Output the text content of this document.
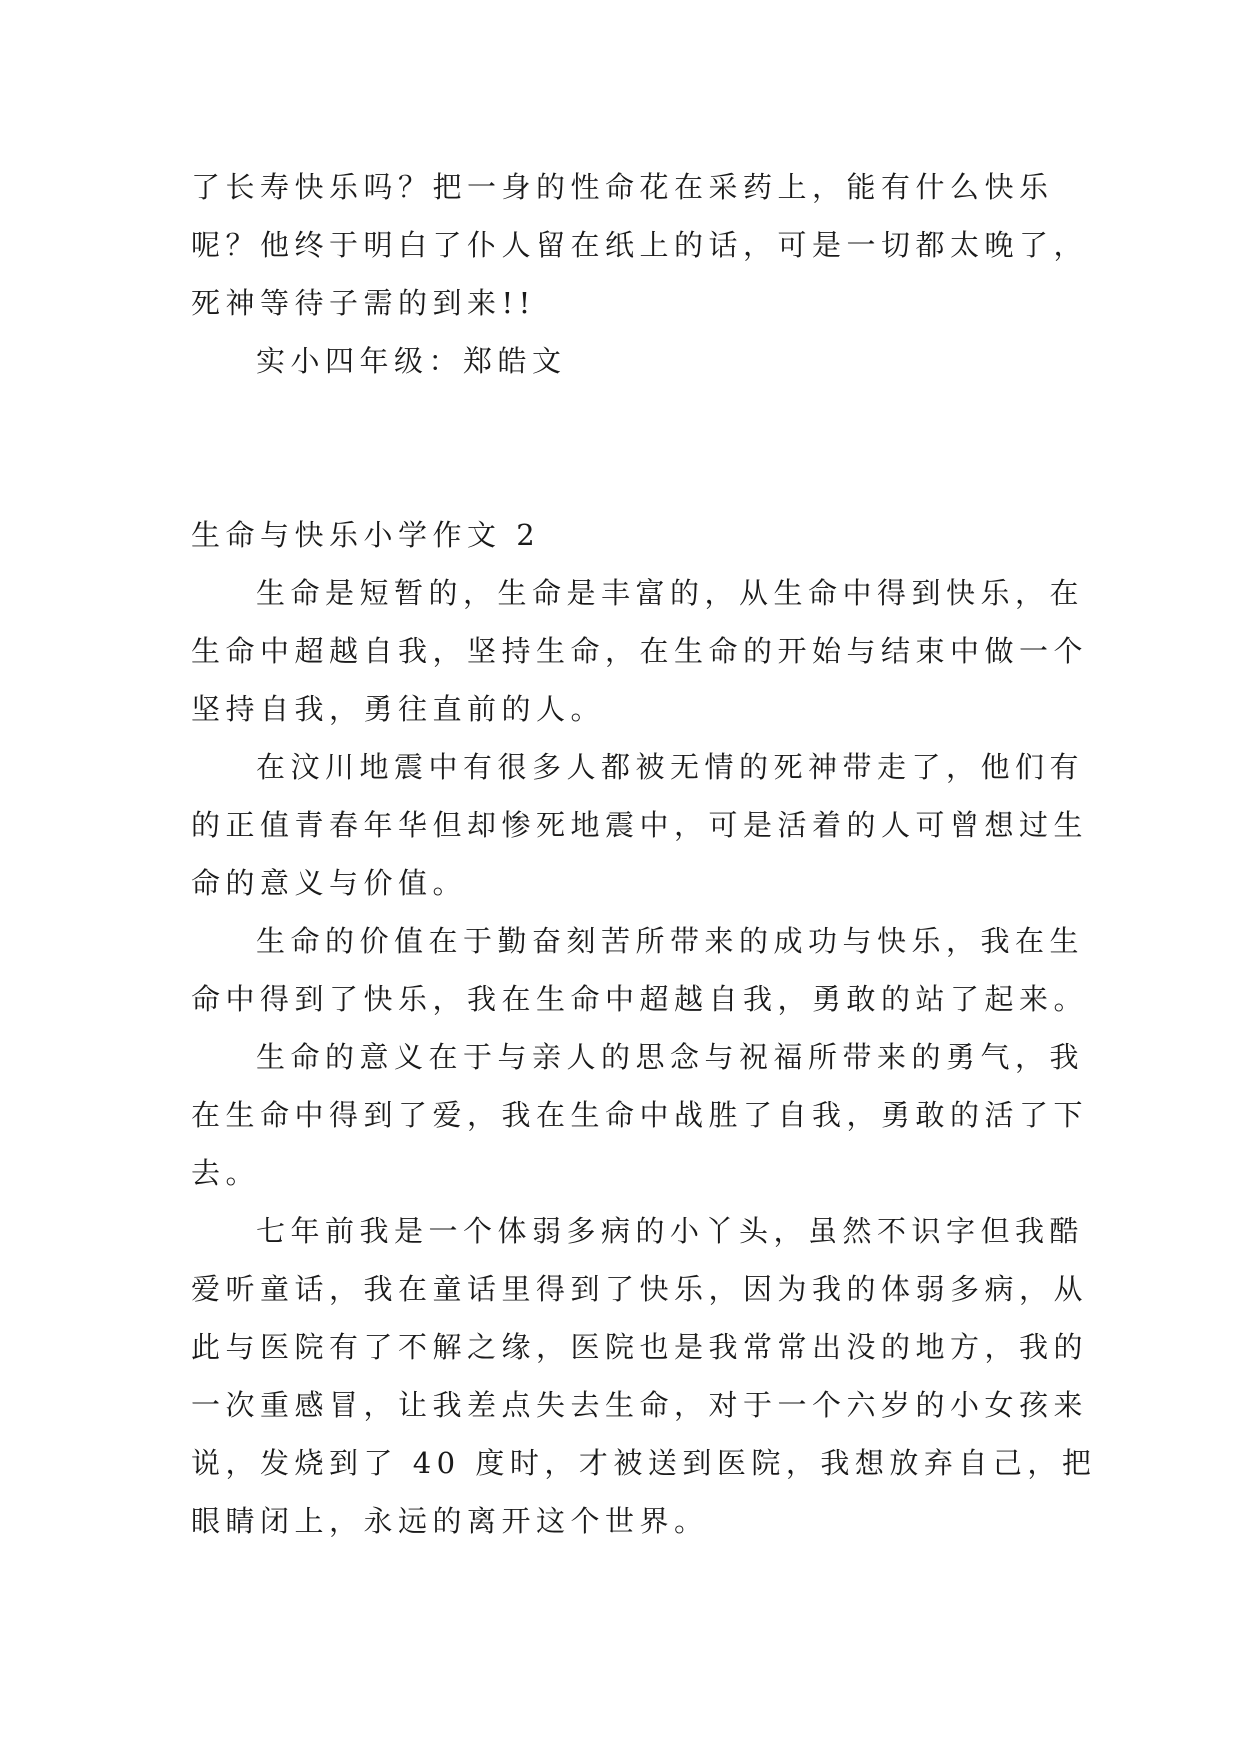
了长寿快乐吗？把一身的性命花在采药上，能有什么快乐
呢？他终于明白了仆人留在纸上的话，可是一切都太晚了，
死神等待子需的到来!!
实小四年级：郑皓文
生命与快乐小学作文 2
生命是短暂的，生命是丰富的，从生命中得到快乐，在
生命中超越自我，坚持生命，在生命的开始与结束中做一个
坚持自我，勇往直前的人。
在汶川地震中有很多人都被无情的死神带走了，他们有
的正值青春年华但却惨死地震中，可是活着的人可曾想过生
命的意义与价值。
生命的价值在于勤奋刻苦所带来的成功与快乐，我在生
命中得到了快乐，我在生命中超越自我，勇敢的站了起来。
生命的意义在于与亲人的思念与祝福所带来的勇气，我
在生命中得到了爱，我在生命中战胜了自我，勇敢的活了下
去。
七年前我是一个体弱多病的小丫头，虽然不识字但我酷
爱听童话，我在童话里得到了快乐，因为我的体弱多病，从
此与医院有了不解之缘，医院也是我常常出没的地方，我的
一次重感冒，让我差点失去生命，对于一个六岁的小女孩来
说，发烧到了 40 度时，才被送到医院，我想放弃自己，把
眼睛闭上，永远的离开这个世界。
